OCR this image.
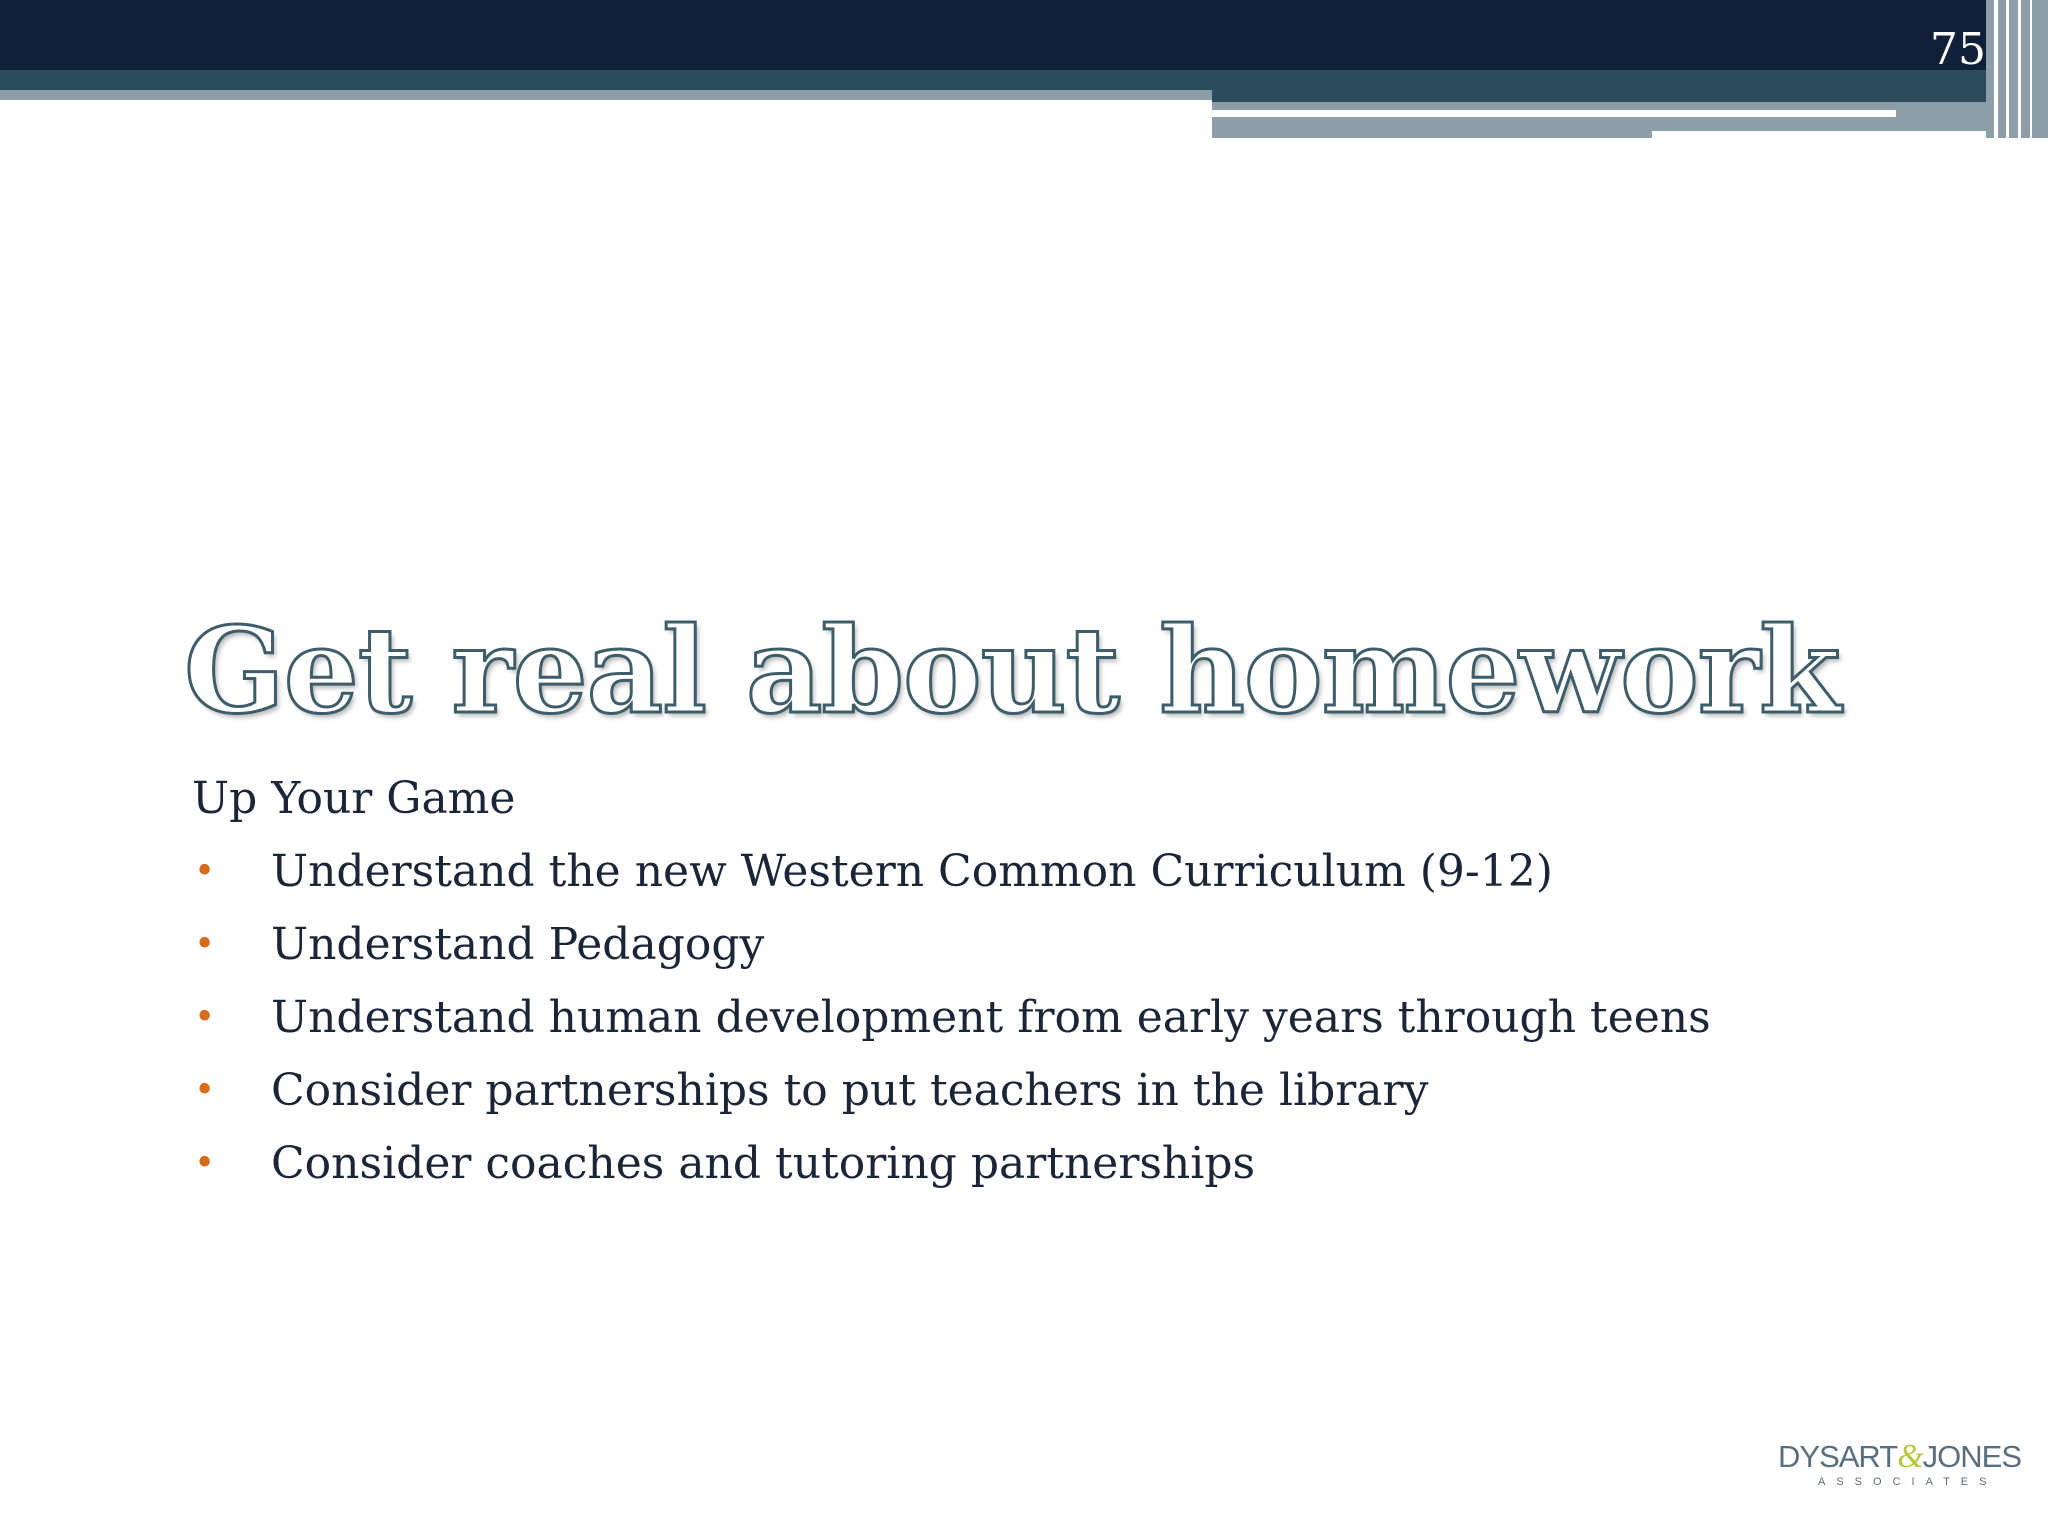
75
Get real about homework

Up Your Game

• Understand the new Western Common Curriculum (9-12)
• Understand Pedagogy
• Understand human development from early years through teens
• Consider partnerships to put teachers in the library
• Consider coaches and tutoring partnerships
DYSART&JONES
ASSOCIATES
